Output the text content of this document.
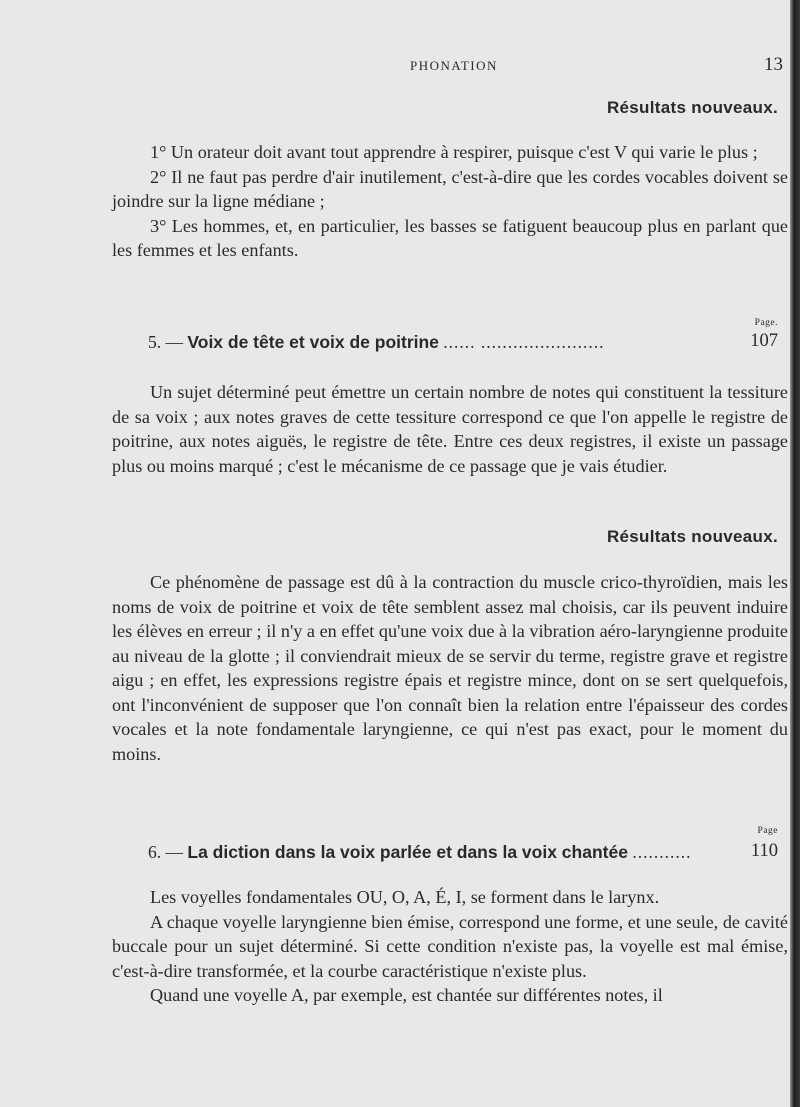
PHONATION	13
Résultats nouveaux.

1° Un orateur doit avant tout apprendre à respirer, puisque c'est V qui varie le plus ;

2° Il ne faut pas perdre d'air inutilement, c'est-à-dire que les cordes vocables doivent se joindre sur la ligne médiane ;

3° Les hommes, et, en particulier, les basses se fatiguent beaucoup plus en parlant que les femmes et les enfants.

Page.
5. — Voix de tête et voix de poitrine ...... .......................	107

Un sujet déterminé peut émettre un certain nombre de notes qui constituent la tessiture de sa voix ; aux notes graves de cette tessiture correspond ce que l'on appelle le registre de poitrine, aux notes aiguës, le registre de tête. Entre ces deux registres, il existe un passage plus ou moins marqué ; c'est le mécanisme de ce passage que je vais étudier.

Résultats nouveaux.

Ce phénomène de passage est dû à la contraction du muscle crico-thyroïdien, mais les noms de voix de poitrine et voix de tête semblent assez mal choisis, car ils peuvent induire les élèves en erreur ; il n'y a en effet qu'une voix due à la vibration aéro-laryngienne produite au niveau de la glotte ; il conviendrait mieux de se servir du terme, registre grave et registre aigu ; en effet, les expressions registre épais et registre mince, dont on se sert quelquefois, ont l'inconvénient de supposer que l'on connaît bien la relation entre l'épaisseur des cordes vocales et la note fondamentale laryngienne, ce qui n'est pas exact, pour le moment du moins.

Page
6. — La diction dans la voix parlée et dans la voix chantée ...........	110

Les voyelles fondamentales OU, O, A, É, I, se forment dans le larynx.

A chaque voyelle laryngienne bien émise, correspond une forme, et une seule, de cavité buccale pour un sujet déterminé. Si cette condition n'existe pas, la voyelle est mal émise, c'est-à-dire transformée, et la courbe caractéristique n'existe plus.

Quand une voyelle A, par exemple, est chantée sur différentes notes, il
